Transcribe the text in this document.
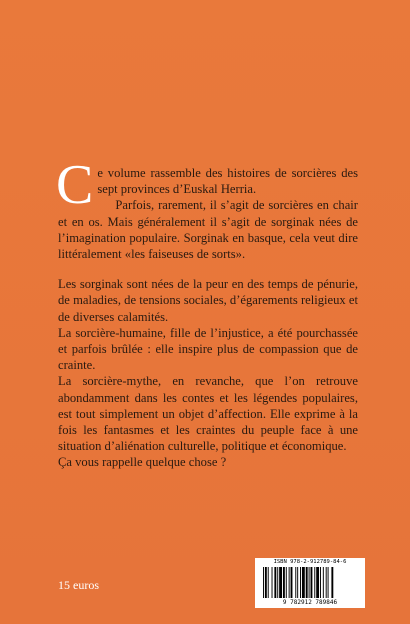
Ce volume rassemble des histoires de sorcières des sept provinces d’Euskal Herria.

Parfois, rarement, il s’agit de sorcières en chair et en os. Mais généralement il s’agit de sorginak nées de l’imagination populaire. Sorginak en basque, cela veut dire littéralement «les faiseuses de sorts».

Les sorginak sont nées de la peur en des temps de pénurie, de maladies, de tensions sociales, d’égarements religieux et de diverses calamités.

La sorcière-humaine, fille de l’injustice, a été pourchassée et parfois brûlée : elle inspire plus de compassion que de crainte.

La sorcière-mythe, en revanche, que l’on retrouve abondamment dans les contes et les légendes populaires, est tout simplement un objet d’affection. Elle exprime à la fois les fantasmes et les craintes du peuple face à une situation d’aliénation culturelle, politique et économique.

Ça vous rappelle quelque chose ?

15 euros
ISBN 978-2-912789-84-6
9 782912 789846
